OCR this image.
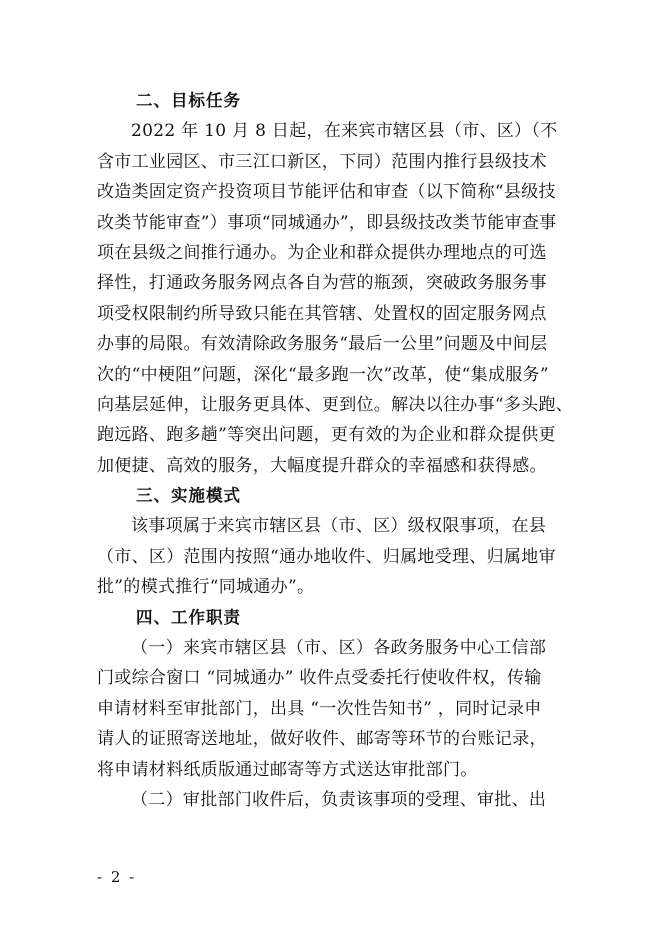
二、目标任务
2022 年 10 月 8 日起，在来宾市辖区县（市、区）（不
含市工业园区、市三江口新区，下同）范围内推行县级技术
改造类固定资产投资项目节能评估和审查（以下简称“县级技
改类节能审查”）事项“同城通办”，即县级技改类节能审查事
项在县级之间推行通办。为企业和群众提供办理地点的可选
择性，打通政务服务网点各自为营的瓶颈，突破政务服务事
项受权限制约所导致只能在其管辖、处置权的固定服务网点
办事的局限。有效清除政务服务“最后一公里”问题及中间层
次的“中梗阻”问题，深化“最多跑一次”改革，使“集成服务”
向基层延伸，让服务更具体、更到位。解决以往办事“多头跑、
跑远路、跑多趟”等突出问题，更有效的为企业和群众提供更
加便捷、高效的服务，大幅度提升群众的幸福感和获得感。
三、实施模式
该事项属于来宾市辖区县（市、区）级权限事项，在县
（市、区）范围内按照“通办地收件、归属地受理、归属地审
批”的模式推行“同城通办”。
四、工作职责
（一）来宾市辖区县（市、区）各政务服务中心工信部
门或综合窗口 “同城通办” 收件点受委托行使收件权，传输
申请材料至审批部门，出具 “一次性告知书” ，同时记录申
请人的证照寄送地址，做好收件、邮寄等环节的台账记录，
将申请材料纸质版通过邮寄等方式送达审批部门。
（二）审批部门收件后，负责该事项的受理、审批、出
- 2 -
